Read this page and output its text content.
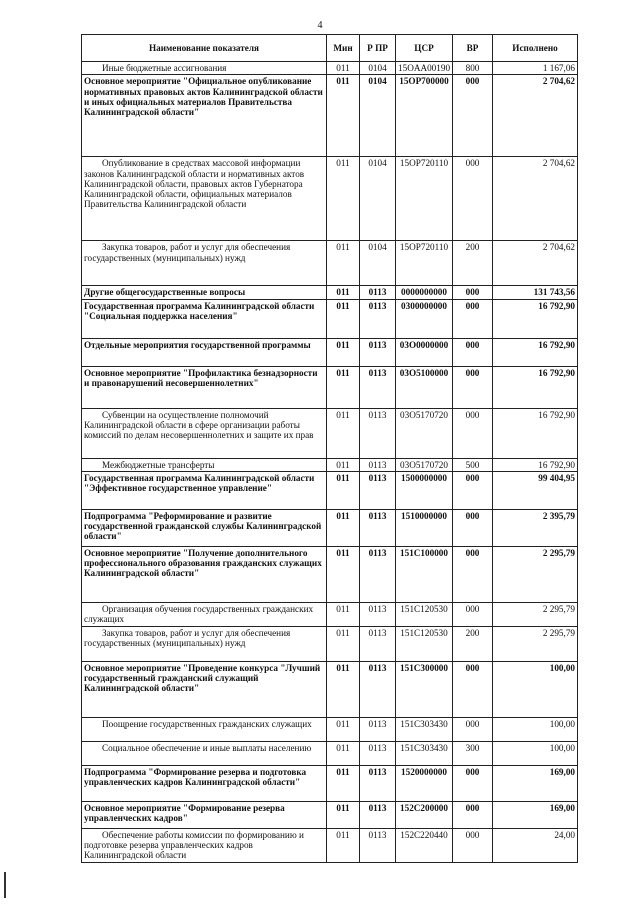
4
Наименование показателя	Мин	Р ПР	ЦСР	ВР	Исполнено
Иные бюджетные ассигнования	011	0104	15OAA00190	800	1 167,06
Основное мероприятие "Официальное опубликование нормативных правовых актов Калининградской области и иных официальных материалов Правительства Калининградской области"	011	0104	15OP700000	000	2 704,62
Опубликование в средствах массовой информации законов Калининградской области и нормативных актов Калининградской области, правовых актов Губернатора Калининградской области, официальных материалов Правительства Калининградской области	011	0104	15OP720110	000	2 704,62
Закупка товаров, работ и услуг для обеспечения государственных (муниципальных) нужд	011	0104	15OP720110	200	2 704,62
Другие общегосударственные вопросы	011	0113	0000000000	000	131 743,56
Государственная программа Калининградской области "Социальная поддержка населения"	011	0113	0300000000	000	16 792,90
Отдельные мероприятия государственной программы	011	0113	03O0000000	000	16 792,90
Основное мероприятие "Профилактика безнадзорности и правонарушений несовершеннолетних"	011	0113	03O5100000	000	16 792,90
Субвенции на осуществление полномочий Калининградской области в сфере организации работы комиссий по делам несовершеннолетних и защите их прав	011	0113	03O5170720	000	16 792,90
Межбюджетные трансферты	011	0113	03O5170720	500	16 792,90
Государственная программа Калининградской области "Эффективное государственное управление"	011	0113	1500000000	000	99 404,95
Подпрограмма "Реформирование и развитие государственной гражданской службы Калининградской области"	011	0113	1510000000	000	2 395,79
Основное мероприятие "Получение дополнительного профессионального образования гражданских служащих Калининградской области"	011	0113	151C100000	000	2 295,79
Организация обучения государственных гражданских служащих	011	0113	151C120530	000	2 295,79
Закупка товаров, работ и услуг для обеспечения государственных (муниципальных) нужд	011	0113	151C120530	200	2 295,79
Основное мероприятие "Проведение конкурса "Лучший государственный гражданский служащий Калининградской области"	011	0113	151C300000	000	100,00
Поощрение государственных гражданских служащих	011	0113	151C303430	000	100,00
Социальное обеспечение и иные выплаты населению	011	0113	151C303430	300	100,00
Подпрограмма "Формирование резерва и подготовка управленческих кадров Калининградской области"	011	0113	1520000000	000	169,00
Основное мероприятие "Формирование резерва управленческих кадров"	011	0113	152C200000	000	169,00
Обеспечение работы комиссии по формированию и подготовке резерва управленческих кадров Калининградской области	011	0113	152C220440	000	24,00
